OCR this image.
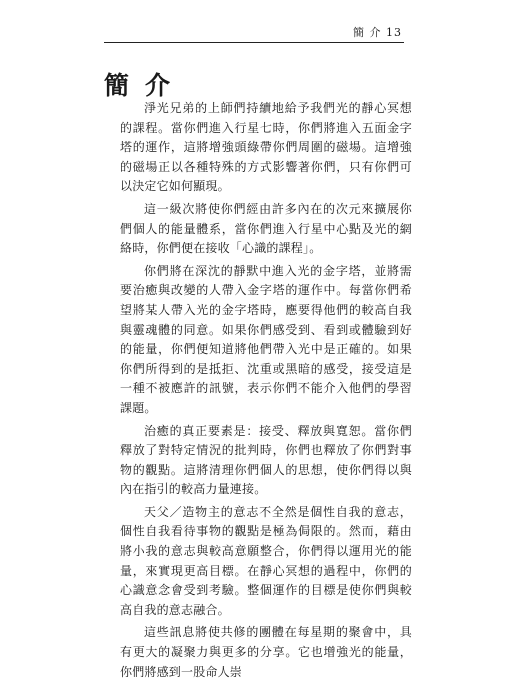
簡 介 13
簡介

淨光兄弟的上師們持續地給予我們光的靜心冥想的課程。當你們進入行星七時，你們將進入五面金字塔的運作，這將增強頭綠帶你們周圍的磁場。這增強的磁場正以各種特殊的方式影響著你們，只有你們可以決定它如何顯現。

這一級次將使你們經由許多內在的次元來擴展你們個人的能量體系，當你們進入行星中心點及光的網絡時，你們便在接收「心識的課程」。

你們將在深沈的靜默中進入光的金字塔，並將需要治癒與改變的人帶入金字塔的運作中。每當你們希望將某人帶入光的金字塔時，應要得他們的較高自我與靈魂體的同意。如果你們感受到、看到或體驗到好的能量，你們便知道將他們帶入光中是正確的。如果你們所得到的是抵拒、沈重或黑暗的感受，接受這是一種不被應許的訊號，表示你們不能介入他們的學習課題。

治癒的真正要素是：接受、釋放與寬恕。當你們釋放了對特定情況的批判時，你們也釋放了你們對事物的觀點。這將清理你們個人的思想，使你們得以與內在指引的較高力量連接。

天父／造物主的意志不全然是個性自我的意志，個性自我看待事物的觀點是極為侷限的。然而，藉由將小我的意志與較高意願整合，你們得以運用光的能量，來實現更高目標。在靜心冥想的過程中，你們的心識意念會受到考驗。整個運作的目標是使你們與較高自我的意志融合。

這些訊息將使共修的團體在每星期的聚會中，具有更大的凝聚力與更多的分享。它也增強光的能量，你們將感到一股命人崇
